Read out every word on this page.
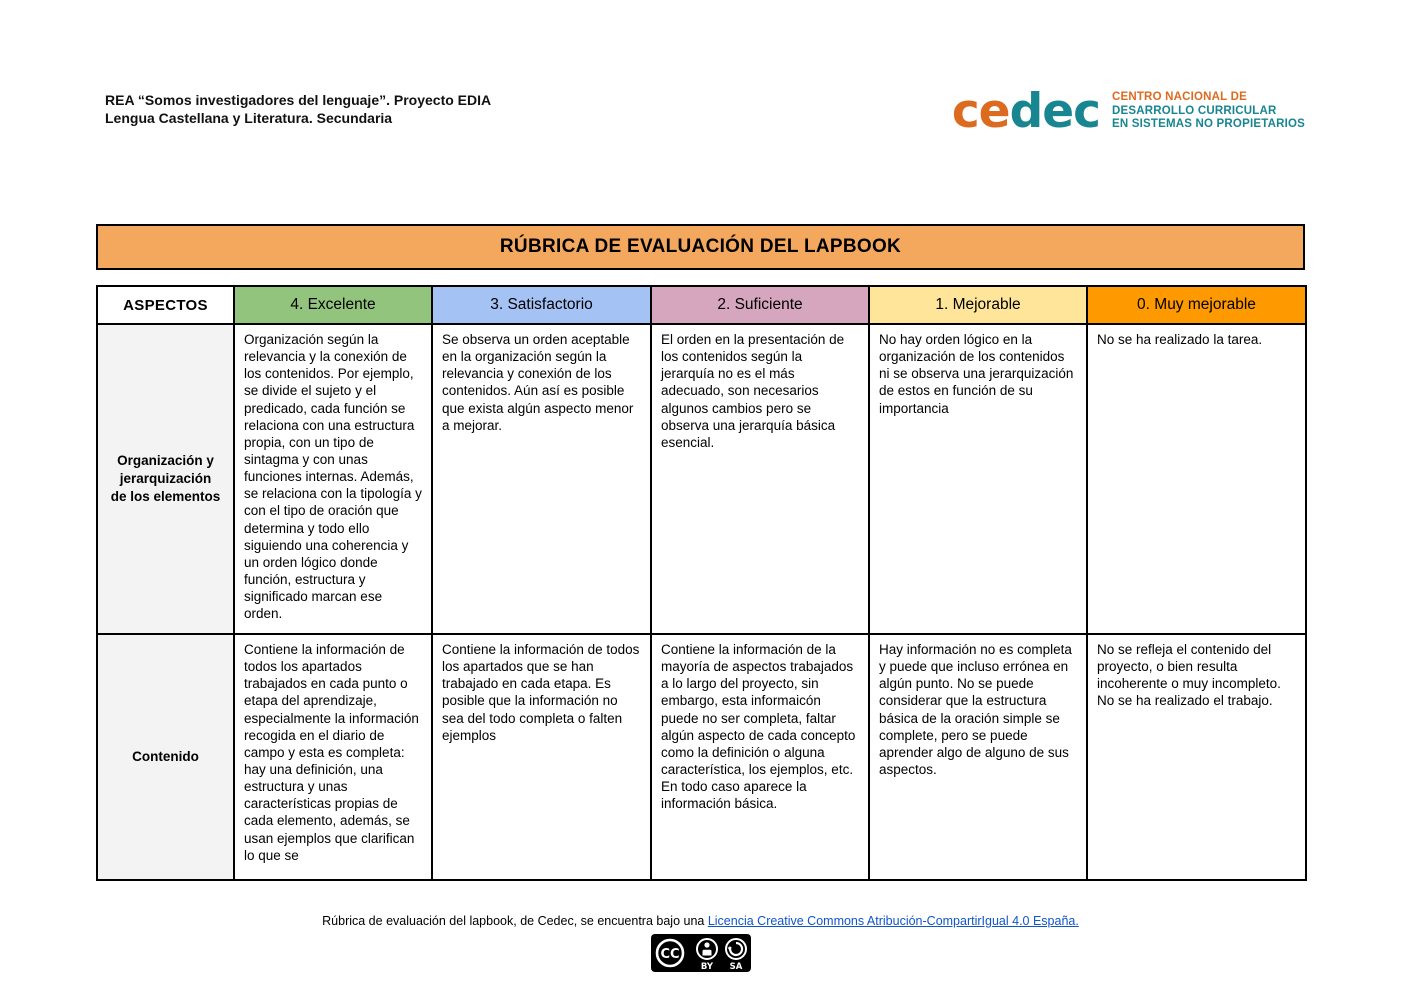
REA “Somos investigadores del lenguaje”. Proyecto EDIA
Lengua Castellana y Literatura. Secundaria	cedec CENTRO NACIONAL DE
DESARROLLO CURRICULAR
EN SISTEMAS NO PROPIETARIOS
RÚBRICA DE EVALUACIÓN DEL LAPBOOK
ASPECTOS	4. Excelente	3. Satisfactorio	2. Suficiente	1. Mejorable	0. Muy mejorable
Organización y jerarquización de los elementos	Organización según la relevancia y la conexión de los contenidos. Por ejemplo, se divide el sujeto y el predicado, cada función se relaciona con una estructura propia, con un tipo de sintagma y con unas funciones internas. Además, se relaciona con la tipología y con el tipo de oración que determina y todo ello siguiendo una coherencia y un orden lógico donde función, estructura y significado marcan ese orden.	Se observa un orden aceptable en la organización según la relevancia y conexión de los contenidos. Aún así es posible que exista algún aspecto menor a mejorar.	El orden en la presentación de los contenidos según la jerarquía no es el más adecuado, son necesarios algunos cambios pero se observa una jerarquía básica esencial.	No hay orden lógico en la organización de los contenidos ni se observa una jerarquización de estos en función de su importancia	No se ha realizado la tarea.
Contenido	Contiene la información de todos los apartados trabajados en cada punto o etapa del aprendizaje, especialmente la información recogida en el diario de campo y esta es completa: hay una definición, una estructura y unas características propias de cada elemento, además, se usan ejemplos que clarifican lo que se	Contiene la información de todos los apartados que se han trabajado en cada etapa. Es posible que la información no sea del todo completa o falten ejemplos	Contiene la información de la mayoría de aspectos trabajados a lo largo del proyecto, sin embargo, esta informaicón puede no ser completa, faltar algún aspecto de cada concepto como la definición o alguna característica, los ejemplos, etc. En todo caso aparece la información básica.	Hay información no es completa y puede que incluso errónea en algún punto. No se puede considerar que la estructura básica de la oración simple se complete, pero se puede aprender algo de alguno de sus aspectos.	No se refleja el contenido del proyecto, o bien resulta incoherente o muy incompleto. No se ha realizado el trabajo.
Rúbrica de evaluación del lapbook, de Cedec, se encuentra bajo una Licencia Creative Commons Atribución-CompartirIgual 4.0 España.
CC
BY SA
